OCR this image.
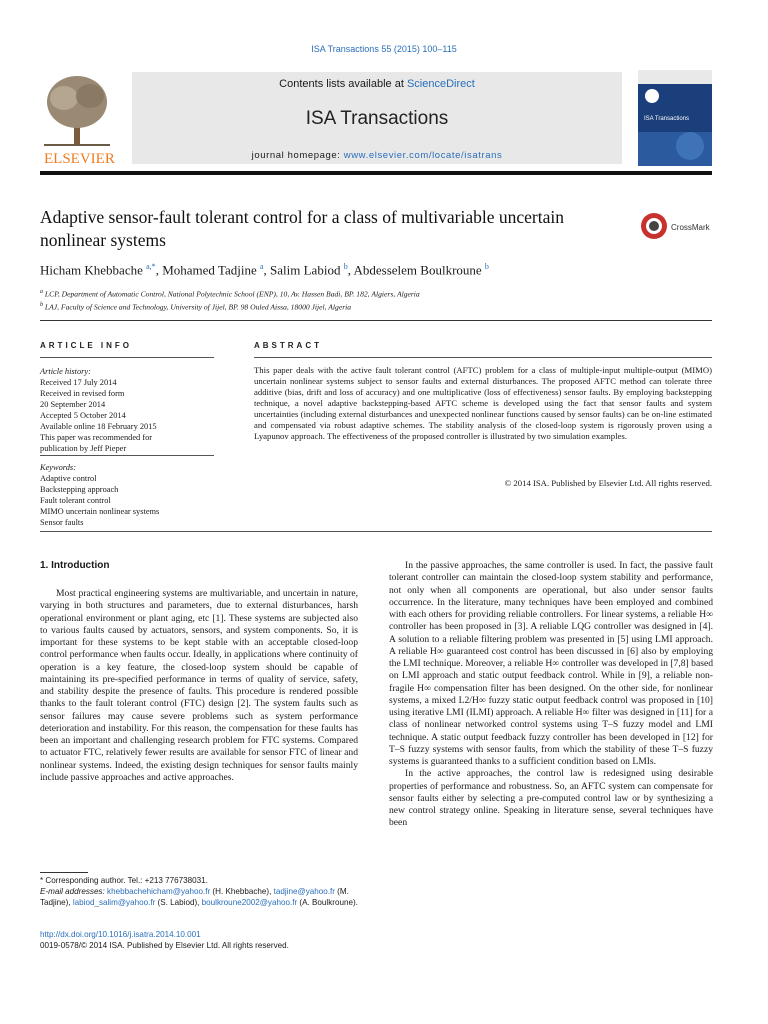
ISA Transactions 55 (2015) 100–115
ELSEVIER
Contents lists available at ScienceDirect
ISA Transactions
journal homepage: www.elsevier.com/locate/isatrans
ISA Transactions
Adaptive sensor-fault tolerant control for a class of multivariable uncertain nonlinear systems
CrossMark
Hicham Khebbache $^{a,*}$, Mohamed Tadjine $^a$, Salim Labiod $^b$, Abdesselem Boulkroune $^b$
$^a$ LCP, Department of Automatic Control, National Polytechnic School (ENP), 10, Av. Hassen Badi, BP. 182, Algiers, Algeria
$^b$ LAJ, Faculty of Science and Technology, University of Jijel, BP. 98 Ouled Aissa, 18000 Jijel, Algeria
ARTICLE INFO	ABSTRACT
Article history:
Received 17 July 2014
Received in revised form
20 September 2014
Accepted 5 October 2014
Available online 18 February 2015
This paper was recommended for
publication by Jeff Pieper
Keywords:
Adaptive control
Backstepping approach
Fault tolerant control
MIMO uncertain nonlinear systems
Sensor faults
This paper deals with the active fault tolerant control (AFTC) problem for a class of multiple-input multiple-output (MIMO) uncertain nonlinear systems subject to sensor faults and external disturbances. The proposed AFTC method can tolerate three additive (bias, drift and loss of accuracy) and one multiplicative (loss of effectiveness) sensor faults. By employing backstepping technique, a novel adaptive backstepping-based AFTC scheme is developed using the fact that sensor faults and system uncertainties (including external disturbances and unexpected nonlinear functions caused by sensor faults) can be on-line estimated and compensated via robust adaptive schemes. The stability analysis of the closed-loop system is rigorously proven using a Lyapunov approach. The effectiveness of the proposed controller is illustrated by two simulation examples.
© 2014 ISA. Published by Elsevier Ltd. All rights reserved.
1. Introduction

Most practical engineering systems are multivariable, and uncertain in nature, varying in both structures and parameters, due to external disturbances, harsh operational environment or plant aging, etc [1]. These systems are subjected also to various faults caused by actuators, sensors, and system components. So, it is important for these systems to be kept stable with an acceptable closed-loop control performance when faults occur. Ideally, in applications where continuity of operation is a key feature, the closed-loop system should be capable of maintaining its pre-specified performance in terms of quality of service, safety, and stability despite the presence of faults. This procedure is rendered possible thanks to the fault tolerant control (FTC) design [2]. The system faults such as sensor failures may cause severe problems such as system performance deterioration and instability. For this reason, the compensation for these faults has been an important and challenging research problem for FTC systems. Compared to actuator FTC, relatively fewer results are available for sensor FTC of linear and nonlinear systems. Indeed, the existing design techniques for sensor faults mainly include passive approaches and active approaches.

In the passive approaches, the same controller is used. In fact, the passive fault tolerant controller can maintain the closed-loop system stability and performance, not only when all components are operational, but also under sensor faults occurrence. In the literature, many techniques have been employed and combined with each others for providing reliable controllers. For linear systems, a reliable H∞ controller has been proposed in [3]. A reliable LQG controller was designed in [4]. A solution to a reliable filtering problem was presented in [5] using LMI approach. A reliable H∞ guaranteed cost control has been discussed in [6] also by employing the LMI technique. Moreover, a reliable H∞ controller was developed in [7,8] based on LMI approach and static output feedback control. While in [9], a reliable non-fragile H∞ compensation filter has been designed. On the other side, for nonlinear systems, a mixed L2/H∞ fuzzy static output feedback control was proposed in [10] using iterative LMI (ILMI) approach. A reliable H∞ filter was designed in [11] for a class of nonlinear networked control systems using T–S fuzzy model and LMI technique. A static output feedback fuzzy controller has been developed in [12] for T–S fuzzy systems with sensor faults, from which the stability of these T–S fuzzy systems is guaranteed thanks to a sufficient condition based on LMIs.

In the active approaches, the control law is redesigned using desirable properties of performance and robustness. So, an AFTC system can compensate for sensor faults either by selecting a pre-computed control law or by synthesizing a new control strategy online. Speaking in literature sense, several techniques have been

* Corresponding author. Tel.: +213 776738031.
E-mail addresses: khebbachehicham@yahoo.fr (H. Khebbache), tadjine@yahoo.fr (M. Tadjine), labiod_salim@yahoo.fr (S. Labiod), boulkroune2002@yahoo.fr (A. Boulkroune).
http://dx.doi.org/10.1016/j.isatra.2014.10.001
0019-0578/© 2014 ISA. Published by Elsevier Ltd. All rights reserved.
